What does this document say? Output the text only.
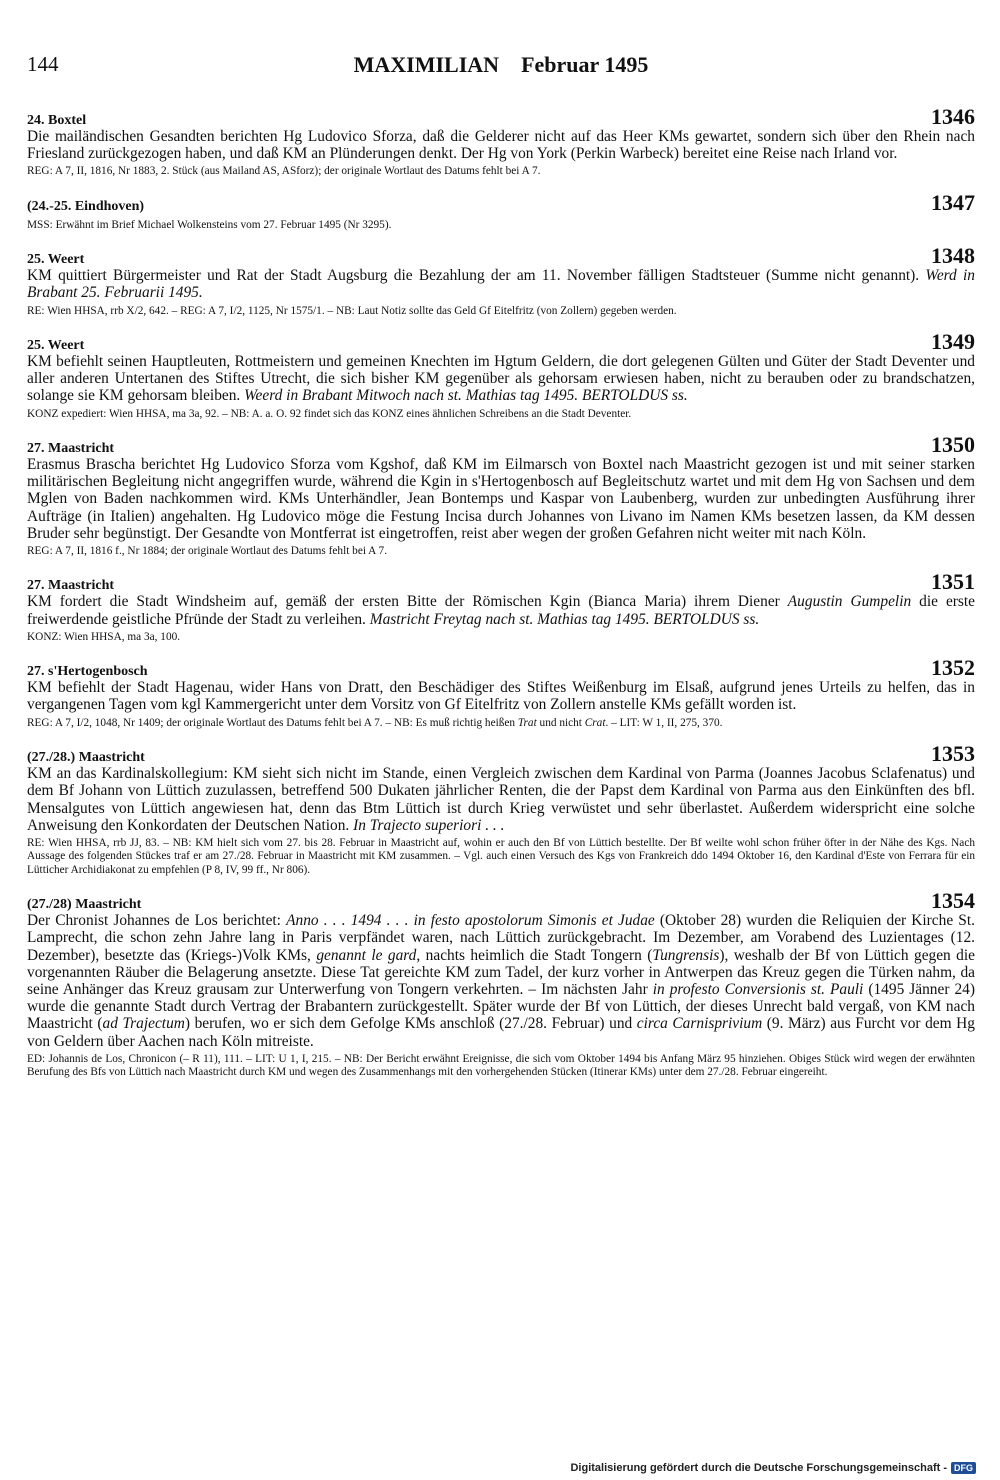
144	MAXIMILIAN Februar 1495
24. Boxtel	1346
Die mailändischen Gesandten berichten Hg Ludovico Sforza, daß die Gelderer nicht auf das Heer KMs gewartet, sondern sich über den Rhein nach Friesland zurückgezogen haben, und daß KM an Plünderungen denkt. Der Hg von York (Perkin Warbeck) bereitet eine Reise nach Irland vor.
REG: A 7, II, 1816, Nr 1883, 2. Stück (aus Mailand AS, ASforz); der originale Wortlaut des Datums fehlt bei A 7.
(24.-25. Eindhoven)	1347
MSS: Erwähnt im Brief Michael Wolkensteins vom 27. Februar 1495 (Nr 3295).
25. Weert	1348
KM quittiert Bürgermeister und Rat der Stadt Augsburg die Bezahlung der am 11. November fälligen Stadtsteuer (Summe nicht genannt). Werd in Brabant 25. Februarii 1495.
RE: Wien HHSA, rrb X/2, 642. – REG: A 7, I/2, 1125, Nr 1575/1. – NB: Laut Notiz sollte das Geld Gf Eitelfritz (von Zollern) gegeben werden.
25. Weert	1349
KM befiehlt seinen Hauptleuten, Rottmeistern und gemeinen Knechten im Hgtum Geldern, die dort gelegenen Gülten und Güter der Stadt Deventer und aller anderen Untertanen des Stiftes Utrecht, die sich bisher KM gegenüber als gehorsam erwiesen haben, nicht zu berauben oder zu brandschatzen, solange sie KM gehorsam bleiben. Weerd in Brabant Mitwoch nach st. Mathias tag 1495. BERTOLDUS ss.
KONZ expediert: Wien HHSA, ma 3a, 92. – NB: A. a. O. 92 findet sich das KONZ eines ähnlichen Schreibens an die Stadt Deventer.
27. Maastricht	1350
Erasmus Brascha berichtet Hg Ludovico Sforza vom Kgshof, daß KM im Eilmarsch von Boxtel nach Maastricht gezogen ist und mit seiner starken militärischen Begleitung nicht angegriffen wurde, während die Kgin in s'Hertogenbosch auf Begleitschutz wartet und mit dem Hg von Sachsen und dem Mglen von Baden nachkommen wird. KMs Unterhändler, Jean Bontemps und Kaspar von Laubenberg, wurden zur unbedingten Ausführung ihrer Aufträge (in Italien) angehalten. Hg Ludovico möge die Festung Incisa durch Johannes von Livano im Namen KMs besetzen lassen, da KM dessen Bruder sehr begünstigt. Der Gesandte von Montferrat ist eingetroffen, reist aber wegen der großen Gefahren nicht weiter mit nach Köln.
REG: A 7, II, 1816 f., Nr 1884; der originale Wortlaut des Datums fehlt bei A 7.
27. Maastricht	1351
KM fordert die Stadt Windsheim auf, gemäß der ersten Bitte der Römischen Kgin (Bianca Maria) ihrem Diener Augustin Gumpelin die erste freiwerdende geistliche Pfründe der Stadt zu verleihen. Mastricht Freytag nach st. Mathias tag 1495. BERTOLDUS ss.
KONZ: Wien HHSA, ma 3a, 100.
27. s'Hertogenbosch	1352
KM befiehlt der Stadt Hagenau, wider Hans von Dratt, den Beschädiger des Stiftes Weißenburg im Elsaß, aufgrund jenes Urteils zu helfen, das in vergangenen Tagen vom kgl Kammergericht unter dem Vorsitz von Gf Eitelfritz von Zollern anstelle KMs gefällt worden ist.
REG: A 7, I/2, 1048, Nr 1409; der originale Wortlaut des Datums fehlt bei A 7. – NB: Es muß richtig heißen Trat und nicht Crat. – LIT: W 1, II, 275, 370.
(27./28.) Maastricht	1353
KM an das Kardinalskollegium: KM sieht sich nicht im Stande, einen Vergleich zwischen dem Kardinal von Parma (Joannes Jacobus Sclafenatus) und dem Bf Johann von Lüttich zuzulassen, betreffend 500 Dukaten jährlicher Renten, die der Papst dem Kardinal von Parma aus den Einkünften des bfl. Mensalgutes von Lüttich angewiesen hat, denn das Btm Lüttich ist durch Krieg verwüstet und sehr überlastet. Außerdem widerspricht eine solche Anweisung den Konkordaten der Deutschen Nation. In Trajecto superiori . . .
RE: Wien HHSA, rrb JJ, 83. – NB: KM hielt sich vom 27. bis 28. Februar in Maastricht auf, wohin er auch den Bf von Lüttich bestellte. Der Bf weilte wohl schon früher öfter in der Nähe des Kgs. Nach Aussage des folgenden Stückes traf er am 27./28. Februar in Maastricht mit KM zusammen. – Vgl. auch einen Versuch des Kgs von Frankreich ddo 1494 Oktober 16, den Kardinal d'Este von Ferrara für ein Lütticher Archidiakonat zu empfehlen (P 8, IV, 99 ff., Nr 806).
(27./28) Maastricht	1354
Der Chronist Johannes de Los berichtet: Anno . . . 1494 . . . in festo apostolorum Simonis et Judae (Oktober 28) wurden die Reliquien der Kirche St. Lamprecht, die schon zehn Jahre lang in Paris verpfändet waren, nach Lüttich zurückgebracht. Im Dezember, am Vorabend des Luzientages (12. Dezember), besetzte das (Kriegs-)Volk KMs, genannt le gard, nachts heimlich die Stadt Tongern (Tungrensis), weshalb der Bf von Lüttich gegen die vorgenannten Räuber die Belagerung ansetzte. Diese Tat gereichte KM zum Tadel, der kurz vorher in Antwerpen das Kreuz gegen die Türken nahm, da seine Anhänger das Kreuz grausam zur Unterwerfung von Tongern verkehrten. – Im nächsten Jahr in profesto Conversionis st. Pauli (1495 Jänner 24) wurde die genannte Stadt durch Vertrag der Brabantern zurückgestellt. Später wurde der Bf von Lüttich, der dieses Unrecht bald vergaß, von KM nach Maastricht (ad Trajectum) berufen, wo er sich dem Gefolge KMs anschloß (27./28. Februar) und circa Carnisprivium (9. März) aus Furcht vor dem Hg von Geldern über Aachen nach Köln mitreiste.
ED: Johannis de Los, Chronicon (– R 11), 111. – LIT: U 1, I, 215. – NB: Der Bericht erwähnt Ereignisse, die sich vom Oktober 1494 bis Anfang März 95 hinziehen. Obiges Stück wird wegen der erwähnten Berufung des Bfs von Lüttich nach Maastricht durch KM und wegen des Zusammenhangs mit den vorhergehenden Stücken (Itinerar KMs) unter dem 27./28. Februar eingereiht.
Digitalisierung gefördert durch die Deutsche Forschungsgemeinschaft - DFG
